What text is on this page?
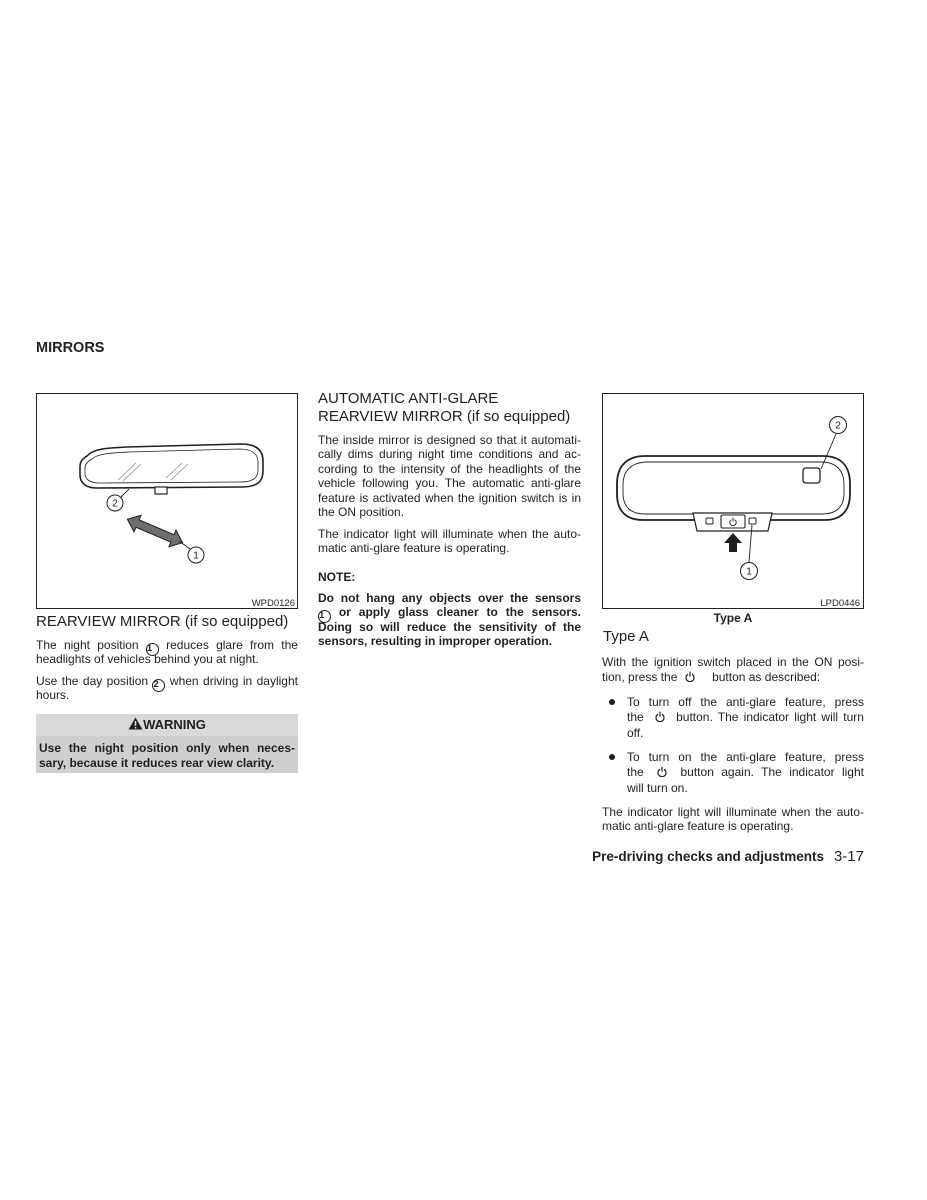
MIRRORS
2
1
WPD0126
REARVIEW MIRROR (if so equipped)
The night position 1 reduces glare from the
headlights of vehicles behind you at night.
Use the day position 2 when driving in daylight
hours.
WARNING
Use the night position only when neces-
sary, because it reduces rear view clarity.
AUTOMATIC ANTI-GLARE
REARVIEW MIRROR (if so equipped)
The inside mirror is designed so that it automati-
cally dims during night time conditions and ac-
cording to the intensity of the headlights of the
vehicle following you. The automatic anti-glare
feature is activated when the ignition switch is in
the ON position.
The indicator light will illuminate when the auto-
matic anti-glare feature is operating.
NOTE:
Do not hang any objects over the sensors
1 or apply glass cleaner to the sensors.
Doing so will reduce the sensitivity of the
sensors, resulting in improper operation.
2
1
LPD0446
Type A
Type A
With the ignition switch placed in the ON posi-
tion, press the	button as described:
To turn off the anti-glare feature, press
the	button. The indicator light will turn
off.
To turn on the anti-glare feature, press
the	button again. The indicator light
will turn on.
The indicator light will illuminate when the auto-
matic anti-glare feature is operating.
Pre-driving checks and adjustments 3-17
